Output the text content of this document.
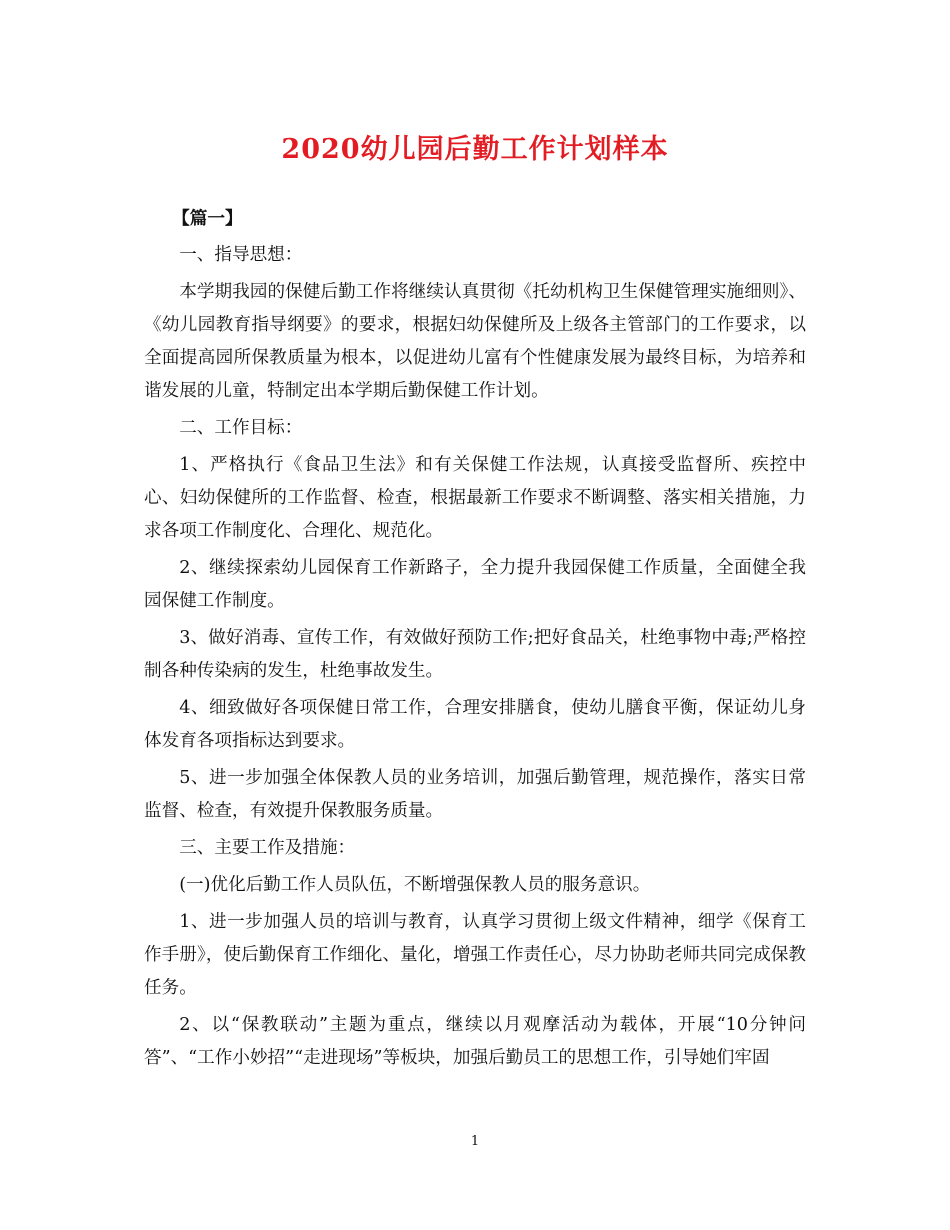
2020幼儿园后勤工作计划样本

【篇一】

一、指导思想：

本学期我园的保健后勤工作将继续认真贯彻《托幼机构卫生保健管理实施细则》、《幼儿园教育指导纲要》的要求，根据妇幼保健所及上级各主管部门的工作要求，以全面提高园所保教质量为根本，以促进幼儿富有个性健康发展为最终目标，为培养和谐发展的儿童，特制定出本学期后勤保健工作计划。

二、工作目标：

1、严格执行《食品卫生法》和有关保健工作法规，认真接受监督所、疾控中心、妇幼保健所的工作监督、检查，根据最新工作要求不断调整、落实相关措施，力求各项工作制度化、合理化、规范化。

2、继续探索幼儿园保育工作新路子，全力提升我园保健工作质量，全面健全我园保健工作制度。

3、做好消毒、宣传工作，有效做好预防工作;把好食品关，杜绝事物中毒;严格控制各种传染病的发生，杜绝事故发生。

4、细致做好各项保健日常工作，合理安排膳食，使幼儿膳食平衡，保证幼儿身体发育各项指标达到要求。

5、进一步加强全体保教人员的业务培训，加强后勤管理，规范操作，落实日常监督、检查，有效提升保教服务质量。

三、主要工作及措施：

(一)优化后勤工作人员队伍，不断增强保教人员的服务意识。

1、进一步加强人员的培训与教育，认真学习贯彻上级文件精神，细学《保育工作手册》，使后勤保育工作细化、量化，增强工作责任心，尽力协助老师共同完成保教任务。

2、以“保教联动”主题为重点，继续以月观摩活动为载体，开展“10分钟问答”、“工作小妙招”“走进现场”等板块，加强后勤员工的思想工作，引导她们牢固

1
